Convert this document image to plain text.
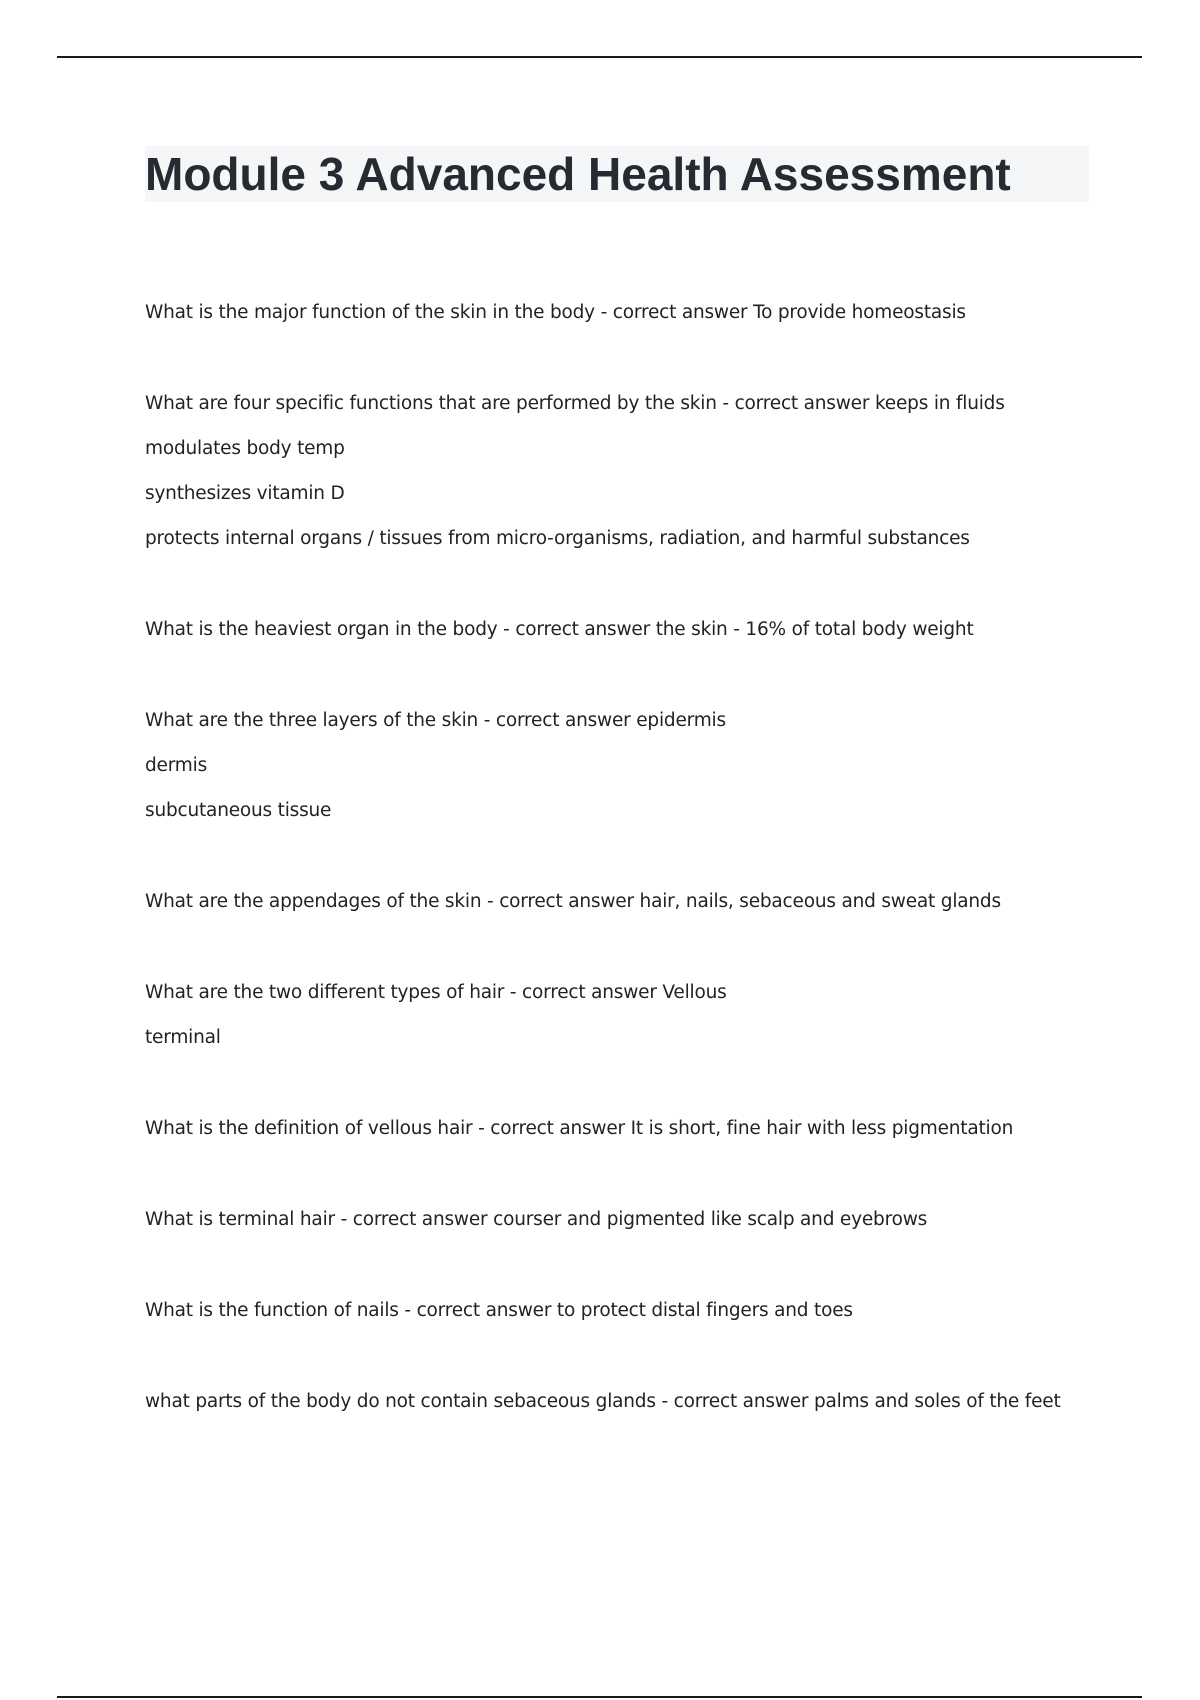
Module 3 Advanced Health Assessment
What is the major function of the skin in the body - correct answer To provide homeostasis
What are four specific functions that are performed by the skin - correct answer keeps in fluids
modulates body temp
synthesizes vitamin D
protects internal organs / tissues from micro-organisms, radiation, and harmful substances
What is the heaviest organ in the body - correct answer the skin - 16% of total body weight
What are the three layers of the skin - correct answer epidermis
dermis
subcutaneous tissue
What are the appendages of the skin - correct answer hair, nails, sebaceous and sweat glands
What are the two different types of hair - correct answer Vellous
terminal
What is the definition of vellous hair - correct answer It is short, fine hair with less pigmentation
What is terminal hair - correct answer courser and pigmented like scalp and eyebrows
What is the function of nails - correct answer to protect distal fingers and toes
what parts of the body do not contain sebaceous glands - correct answer palms and soles of the feet
